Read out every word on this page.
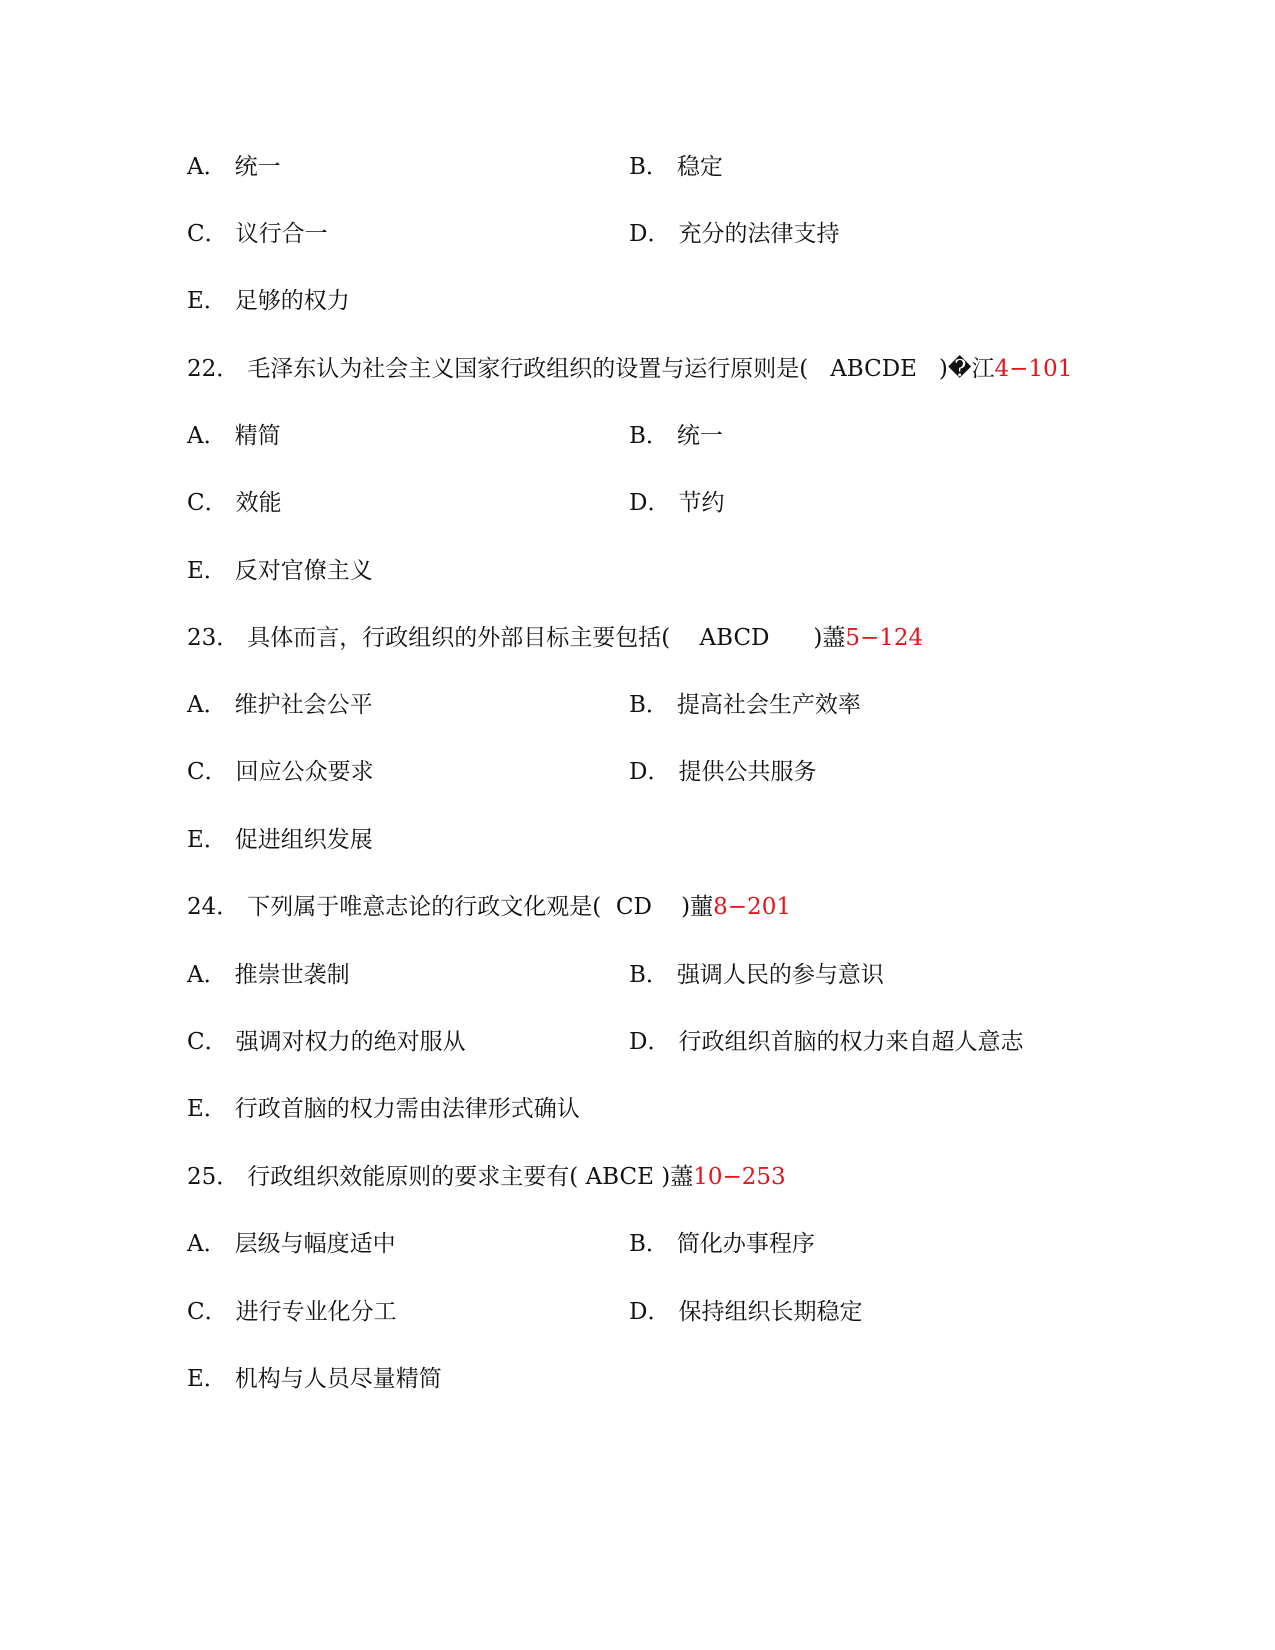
A． 统一	B． 稳定
C． 议行合一	D． 充分的法律支持
E． 足够的权力
22． 毛泽东认为社会主义国家行政组织的设置与运行原则是(   ABCDE   )�江4−101
A． 精简	B． 统一
C． 效能	D． 节约
E． 反对官僚主义
23． 具体而言，行政组织的外部目标主要包括(    ABCD      )藎5−124
A． 维护社会公平	B． 提高社会生产效率
C． 回应公众要求	D． 提供公共服务
E． 促进组织发展
24． 下列属于唯意志论的行政文化观是(  CD    )蘁8−201
A． 推崇世袭制	B． 强调人民的参与意识
C． 强调对权力的绝对服从	D． 行政组织首脑的权力来自超人意志
E． 行政首脑的权力需由法律形式确认
25． 行政组织效能原则的要求主要有( ABCE )藎10−253
A． 层级与幅度适中	B． 简化办事程序
C． 进行专业化分工	D． 保持组织长期稳定
E． 机构与人员尽量精简
